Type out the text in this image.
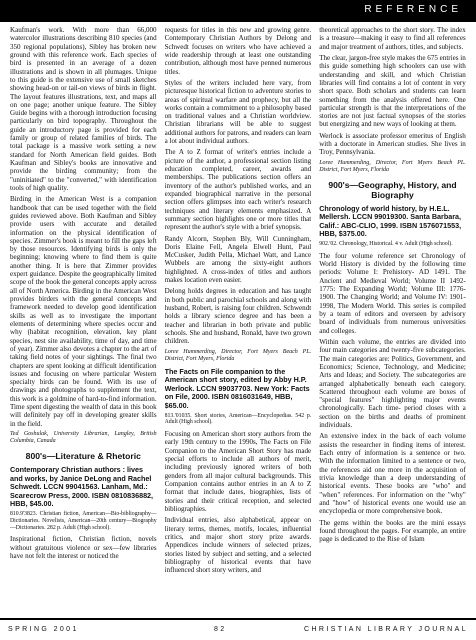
REFERENCE

Kaufman's work. With more than 66,000 watercolor illustrations describing 810 species (and 350 regional populations), Sibley has broken new ground with this reference work. Each species of bird is presented in an average of a dozen illustrations and is shown in all plumages. Unique to this guide is the extensive use of small sketches showing head-on or tail-on views of birds in flight. The layout features illustrations, text, and maps all on one page; another unique feature. The Sibley Guide begins with a thorough introduction focusing particularly on bird topography. Throughout the guide an introductory page is provided for each family or group of related families of birds. The total package is a massive work setting a new standard for North American field guides. Both Kaufman and Sibley's books are innovative and provide the birding community; from the "uninitiated" to the "converted," with identification tools of high quality.

Birding in the American West is a companion handbook that can be used together with the field guides reviewed above. Both Kaufman and Sibley provide users with accurate and detailed information on the physical identification of species. Zimmer's book is meant to fill the gaps left by those resources. Identifying birds is only the beginning; knowing where to find them is quite another thing. It is here that Zimmer provides expert guidance. Despite the geographically limited scope of the book the general concepts apply across all of North America. Birding in the American West provides birders with the general concepts and framework needed to develop good identification skills as well as to investigate the important elements of determining where species occur and why (habitat recognition, elevation, key plant species, nest site availability, time of day, and time of year). Zimmer also devotes a chapter to the art of taking field notes of your sightings. The final two chapters are spent looking at difficult identification issues and focusing on where particular Western specialty birds can be found. With its use of drawings and photographs to supplement the text, this work is a goldmine of hard-to-find information. Time spent digesting the wealth of data in this book will definitely pay off in developing greater skills in the field.

Ted Goshulak, University Librarian, Langley, British Columbia, Canada

800's—Literature & Rhetoric
Contemporary Christian authors : lives and works, by Janice DeLong and Rachel Schwedt. LCCN 99041563. Lanham, Md.: Scarecrow Press, 2000. ISBN 0810836882, HBB, $45.00.
810.9'3823. Christian fiction, American—Bio-bibliography—Dictionaries. Novelists, American—20th century—Biography—Dictionaries. 282 p. Adult (High school).

Inspirational fiction, Christian fiction, novels without gratuitous violence or sex—few libraries have not felt the interest or noticed the

requests for titles in this new and growing genre. Contemporary Christian Authors by Delong and Schwedt focuses on writers who have achieved a wide readership through at least one outstanding contribution, although most have penned numerous titles.

Styles of the writers included here vary, from picturesque historical fiction to adventure stories to areas of spiritual warfare and prophecy, but all the works contain a commitment to a philosophy based on traditional values and a Christian worldview. Christian librarians will be able to suggest additional authors for patrons, and readers can learn a lot about individual authors.

The A to Z format of writer's entries include a picture of the author, a professional section listing education completed, career, awards and memberships. The publications section offers an inventory of the author's published works, and an expanded biographical narrative in the personal section offers glimpses into each writer's research techniques and literary elements emphasized. A summary section highlights one or more titles that represent the author's style with a brief synopsis.

Randy Alcorn, Stephen Bly, Will Cunningham, Doris Elaine Fell, Angela Elwell Hunt, Paul McCusker, Judith Pella, Michael Watt, and Lance Wubbels are among the sixty-eight authors highlighted. A cross-index of titles and authors makes location even easier.

Delong holds degrees in education and has taught in both public and parochial schools and along with husband, Robert, is raising four children. Schwendt holds a library science degree and has been a teacher and librarian in both private and public schools. She and husband, Ronald, have two grown children.

Loree Hummerding, Director, Fort Myers Beach PL. District, Fort Myers, Florida

The Facts on File companion to the American short story, edited by Abby H.P. Werlock. LCCN 99037703. New York: Facts on File, 2000. ISBN 0816031649, HBB, $65.00.
813.'01035. Short stories, American—Encyclopedias. 542 p. Adult (High school).

Focusing on American short story authors from the early 19th century to the 1990s, The Facts on File Companion to the American Short Story has made special efforts to include all authors of merit, including previously ignored writers of both genders from all major cultural backgrounds. This Companion contains author entries in an A to Z format that include dates, biographies, lists of stories and their critical reception, and selected bibliographies.

Individual entries, also alphabetical, appear on literary terms, themes, motifs, locales, influential critics, and major short story prize awards. Appendices include winners of selected prizes, stories listed by subject and setting, and a selected bibliography of historical events that have influenced short story writers, and

theoretical approaches to the short story. The index is a treasure—making it easy to find all references and major treatment of authors, titles, and subjects.

The clear, jargon-free style makes the 675 entries in this guide something high schoolers can use with understanding and skill, and which Christian libraries will find contains a lot of content in very short space. Both scholars and students can learn something from the analysis offered here. One particular strength is that the interpretations of the stories are not just factual synopses of the stories but energizing and new ways of looking at them.

Werlock is associate professor emeritus of English with a doctorate in American studies. She lives in Troy, Pennsylvania.

Loree Hummerding, Director, Fort Myers Beach PL. District, Fort Myers, Florida

900's—Geography, History, and Biography
Chronology of world history, by H.E.L. Mellersh. LCCN 99019300. Santa Barbara, Calif.: ABC-CLIO, 1999. ISBN 1576071553, HBB, $375.00.
902.'02. Chronology, Historical. 4 v. Adult (High school).

The four volume reference set Chronology of World History is divided by the following time periods: Volume I: Prehistory- AD 1491. The Ancient and Medieval World; Volume II 1492-1775: The Expanding World; Volume III: 1776-1900. The Changing World; and Volume IV: 1901-1998, The Modern World. This series is compiled by a team of editors and overseen by advisory board of individuals from numerous universities and colleges.

Within each volume, the entries are divided into four main categories and twenty-five subcategories. The main categories are: Politics, Government, and Economics; Science, Technology, and Medicine; Arts and Ideas; and Society. The subcategories are arranged alphabetically beneath each category. Scattered throughout each volume are boxes of "special features" highlighting major events chronologically. Each time- period closes with a section on the births and deaths of prominent individuals.

An extensive index in the back of each volume assists the researcher in finding items of interest. Each entry of information is a sentence or two. With the information limited to a sentence or two, the references aid one more in the acquisition of trivia knowledge than a deep understanding of historical events. These books are "who" and "when" references. For information on the "why" and "how" of historical events one would use an encyclopedia or more comprehensive book.

The gems within the books are the mini essays found throughout the pages. For example, an entire page is dedicated to the Rise of Islam

SPRING 2001	82	CHRISTIAN LIBRARY JOURNAL
